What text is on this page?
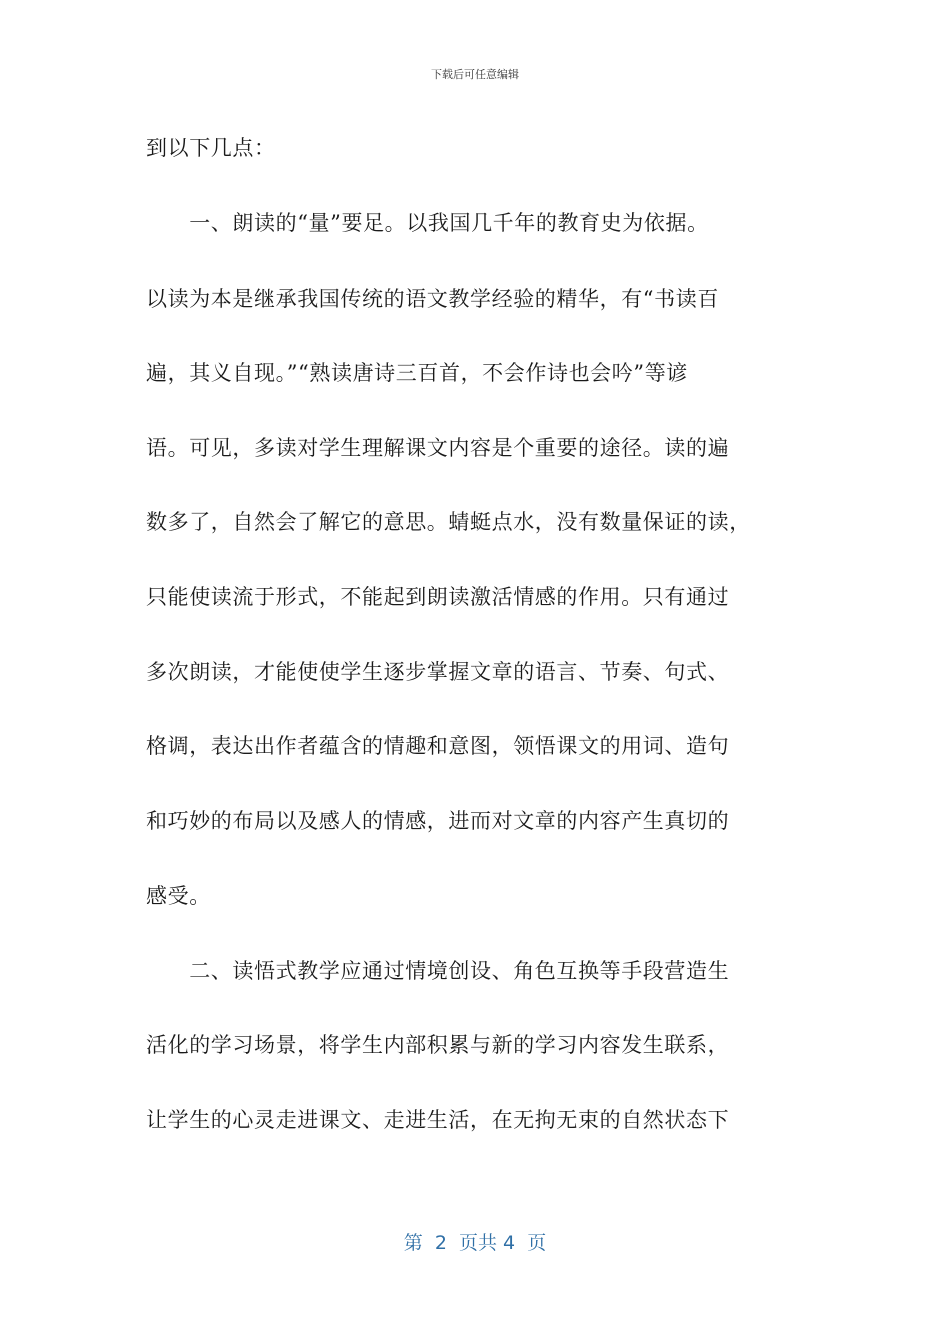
下载后可任意编辑
到以下几点：
　　一、朗读的“量”要足。以我国几千年的教育史为依据。
以读为本是继承我国传统的语文教学经验的精华，有“书读百
遍，其义自现。”“熟读唐诗三百首，不会作诗也会吟”等谚
语。可见，多读对学生理解课文内容是个重要的途径。读的遍
数多了，自然会了解它的意思。蜻蜓点水，没有数量保证的读，
只能使读流于形式，不能起到朗读激活情感的作用。只有通过
多次朗读，才能使使学生逐步掌握文章的语言、节奏、句式、
格调，表达出作者蕴含的情趣和意图，领悟课文的用词、造句
和巧妙的布局以及感人的情感，进而对文章的内容产生真切的
感受。
　　二、读悟式教学应通过情境创设、角色互换等手段营造生
活化的学习场景，将学生内部积累与新的学习内容发生联系，
让学生的心灵走进课文、走进生活，在无拘无束的自然状态下
第  2  页共 4  页
